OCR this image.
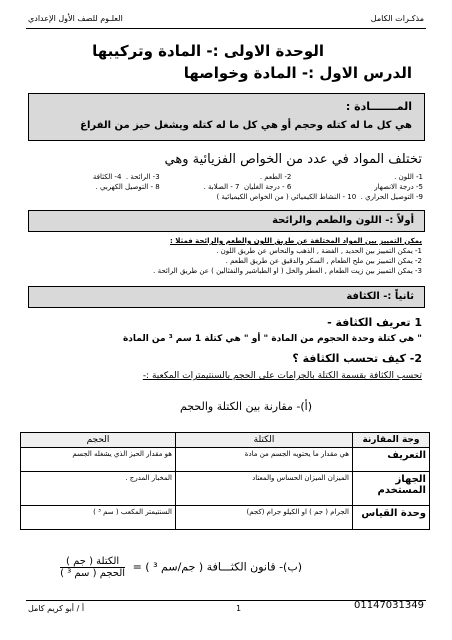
مذكـرات الكامل
العلـوم للصف الأول الإعدادي
الوحدة الاولى :- المادة وتركيبها
الدرس الاول :- المادة وخواصها
المـــــــادة :
هي كل ما له كتله وحجم أو هي كل ما له كتله ويشغل حيز من الفراغ
تختلف المواد في عدد من الخواص الفزيائية وهي
1- اللون .
2- الطعم .
3- الرائحة .  4- الكثافة
5- درجة الانصهار
6 - درجة الغليان  7 - الصلابة .
8 - التوصيل الكهربي .
9- التوصيل الحراري .  10 - النشاط الكيميائي ( من الخواص الكيميائية )
أولاً :- اللون والطعم والرائحة
يمكن التمييز بين المواد المختلفة عن طريق اللون والطعم والرائحة فمثلا :
1- يمكن التمييز بين الحديد , الفضة , الذهب والنحاس عن طريق اللون .
2- يمكن التمييز بين ملح الطعام , السكر والدقيق عن طريق الطعم .
3- يمكن التمييز بين زيت الطعام , العطر والخل ( او الطباشير والنفثالين ) عن طريق الرائحة .
ثانياً :- الكثافة
1 تعريف الكثافة -
" هي كتلة وحدة الحجوم من المادة " أو " هي كتلة 1 سم ³ من المادة
2- كيف تحسب الكثافة ؟
تحسب الكثافة بقسمة الكتلة بالجرامات على الحجم بالسنتيمترات المكعبة :-
(أ)- مقارنة بين الكتلة والحجم
وجة المقارنة	الكتلة	الحجم
التعريف	هي مقدار ما يحتويه الجسم من مادة	هو مقدار الحيز الذي يشغله الجسم
الجهاز المستخدم	الميزان الميزان الحساس والمعتاد	المخبار المدرج .
وحدة القياس	الجرام ( جم ) او الكيلو جرام (كجم)	السنتيمتر المكعب ( سم ³ )
(ب)- قانون الكثـــافة ( جم/سم ³ ) =
الكتلة ( جم )
الحجم ( سم ³ )
أ / أبو كريم كامل	1	01147031349
